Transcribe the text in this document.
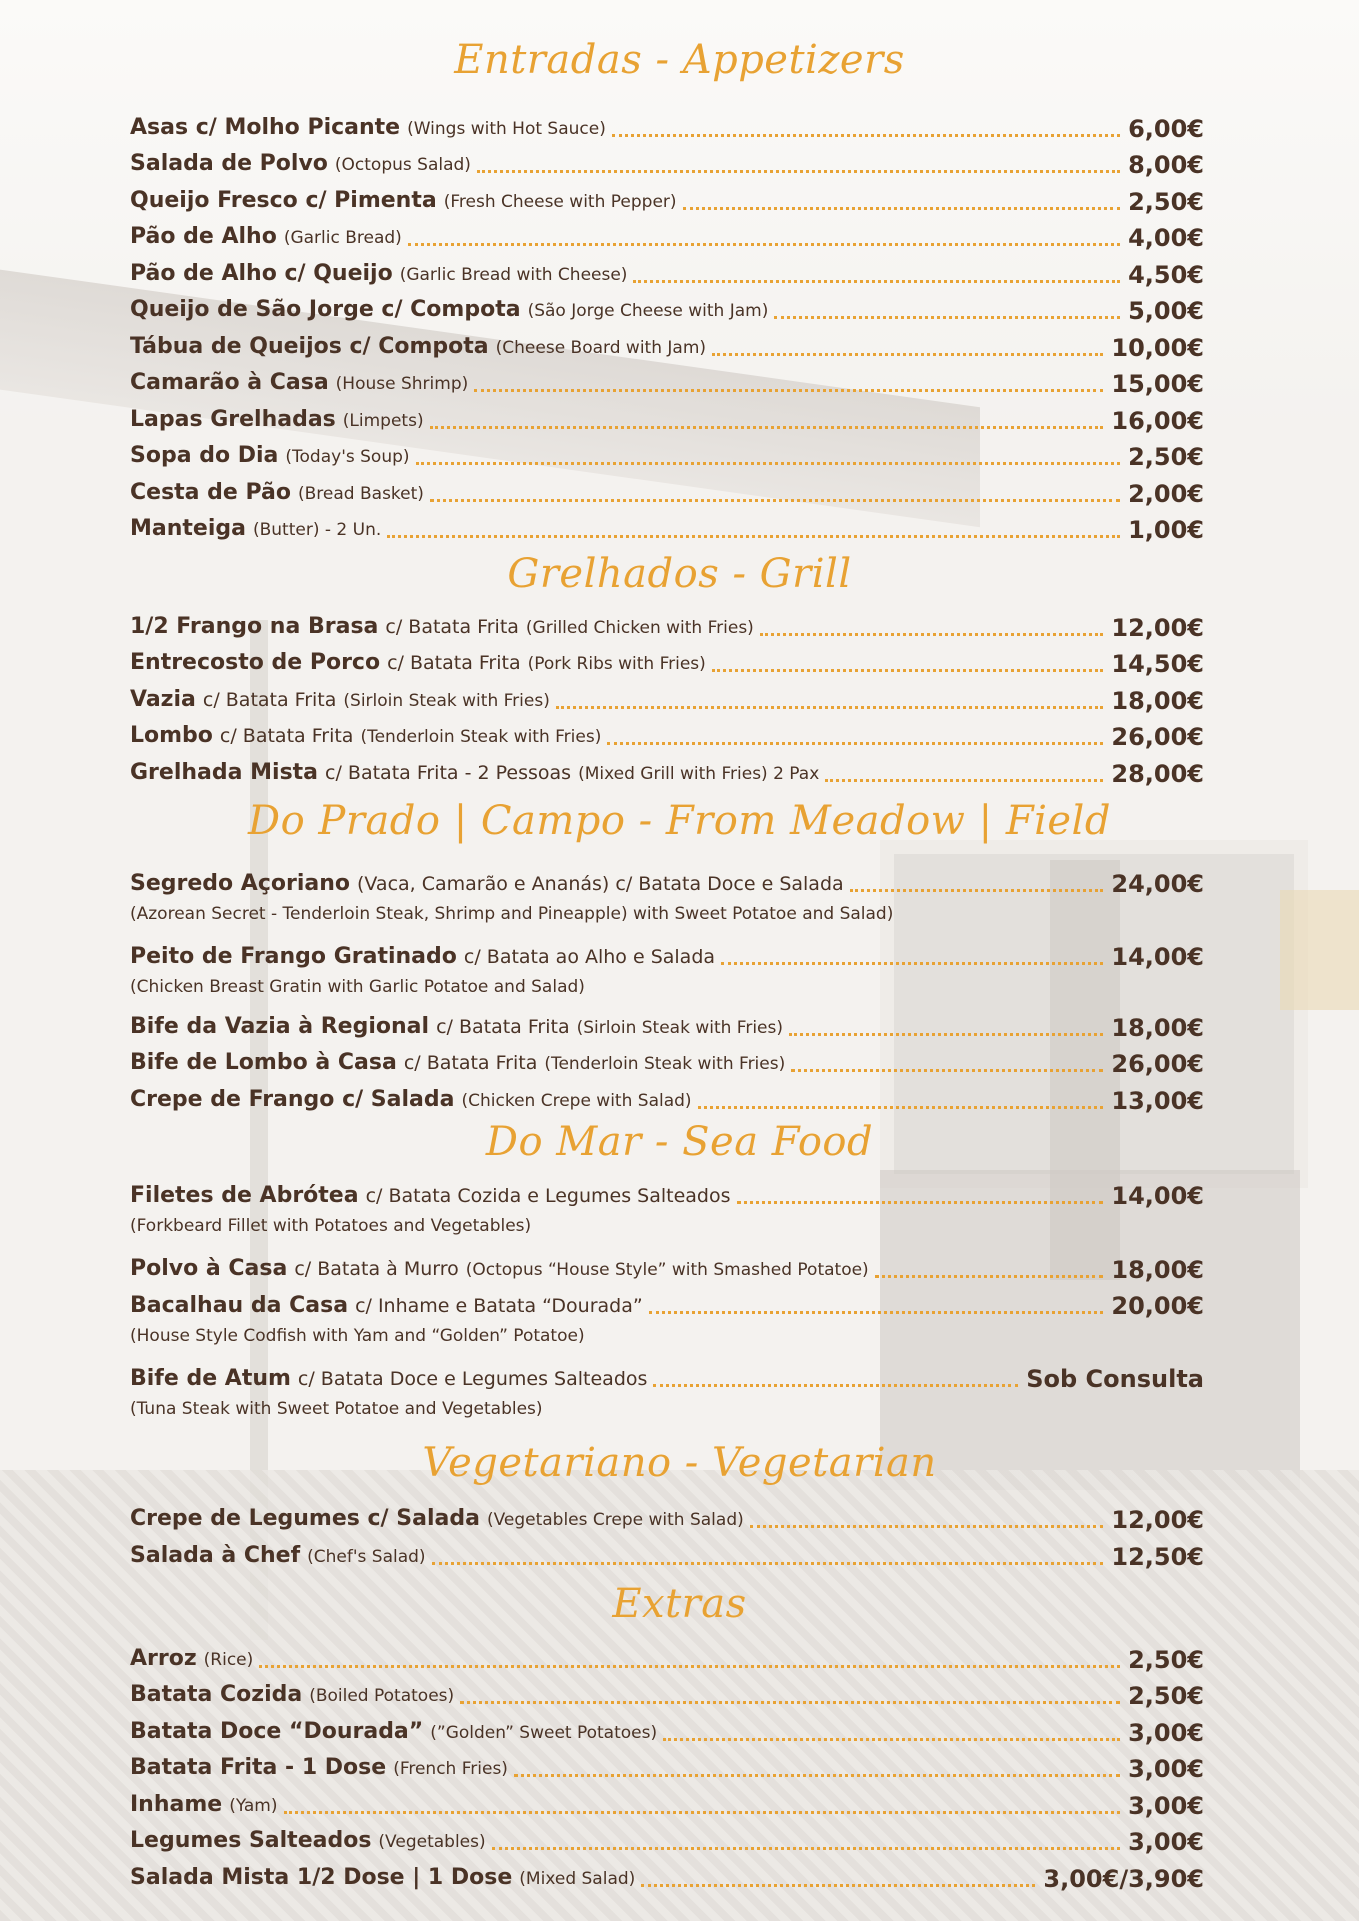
Entradas - Appetizers
Grelhados - Grill
Do Prado | Campo - From Meadow | Field
Do Mar - Sea Food
Vegetariano - Vegetarian
Extras
Asas c/ Molho Picante (Wings with Hot Sauce)	6,00€
Salada de Polvo (Octopus Salad)	8,00€
Queijo Fresco c/ Pimenta (Fresh Cheese with Pepper)	2,50€
Pão de Alho (Garlic Bread)	4,00€
Pão de Alho c/ Queijo (Garlic Bread with Cheese)	4,50€
Queijo de São Jorge c/ Compota (São Jorge Cheese with Jam)	5,00€
Tábua de Queijos c/ Compota (Cheese Board with Jam)	10,00€
Camarão à Casa (House Shrimp)	15,00€
Lapas Grelhadas (Limpets)	16,00€
Sopa do Dia (Today's Soup)	2,50€
Cesta de Pão (Bread Basket)	2,00€
Manteiga (Butter) - 2 Un.	1,00€
1/2 Frango na Brasa c/ Batata Frita (Grilled Chicken with Fries)	12,00€
Entrecosto de Porco c/ Batata Frita (Pork Ribs with Fries)	14,50€
Vazia c/ Batata Frita (Sirloin Steak with Fries)	18,00€
Lombo c/ Batata Frita (Tenderloin Steak with Fries)	26,00€
Grelhada Mista c/ Batata Frita - 2 Pessoas (Mixed Grill with Fries) 2 Pax	28,00€
Segredo Açoriano (Vaca, Camarão e Ananás) c/ Batata Doce e Salada	24,00€
(Azorean Secret - Tenderloin Steak, Shrimp and Pineapple) with Sweet Potatoe and Salad)
Peito de Frango Gratinado c/ Batata ao Alho e Salada	14,00€
(Chicken Breast Gratin with Garlic Potatoe and Salad)
Bife da Vazia à Regional c/ Batata Frita (Sirloin Steak with Fries)	18,00€
Bife de Lombo à Casa c/ Batata Frita (Tenderloin Steak with Fries)	26,00€
Crepe de Frango c/ Salada (Chicken Crepe with Salad)	13,00€
Filetes de Abrótea c/ Batata Cozida e Legumes Salteados	14,00€
(Forkbeard Fillet with Potatoes and Vegetables)
Polvo à Casa c/ Batata à Murro (Octopus “House Style” with Smashed Potatoe)	18,00€
Bacalhau da Casa c/ Inhame e Batata “Dourada”	20,00€
(House Style Codfish with Yam and “Golden” Potatoe)
Bife de Atum c/ Batata Doce e Legumes Salteados	Sob Consulta
(Tuna Steak with Sweet Potatoe and Vegetables)
Crepe de Legumes c/ Salada (Vegetables Crepe with Salad)	12,00€
Salada à Chef (Chef's Salad)	12,50€
Arroz (Rice)	2,50€
Batata Cozida (Boiled Potatoes)	2,50€
Batata Doce “Dourada” (”Golden” Sweet Potatoes)	3,00€
Batata Frita - 1 Dose (French Fries)	3,00€
Inhame (Yam)	3,00€
Legumes Salteados (Vegetables)	3,00€
Salada Mista 1/2 Dose | 1 Dose (Mixed Salad)	3,00€/3,90€
